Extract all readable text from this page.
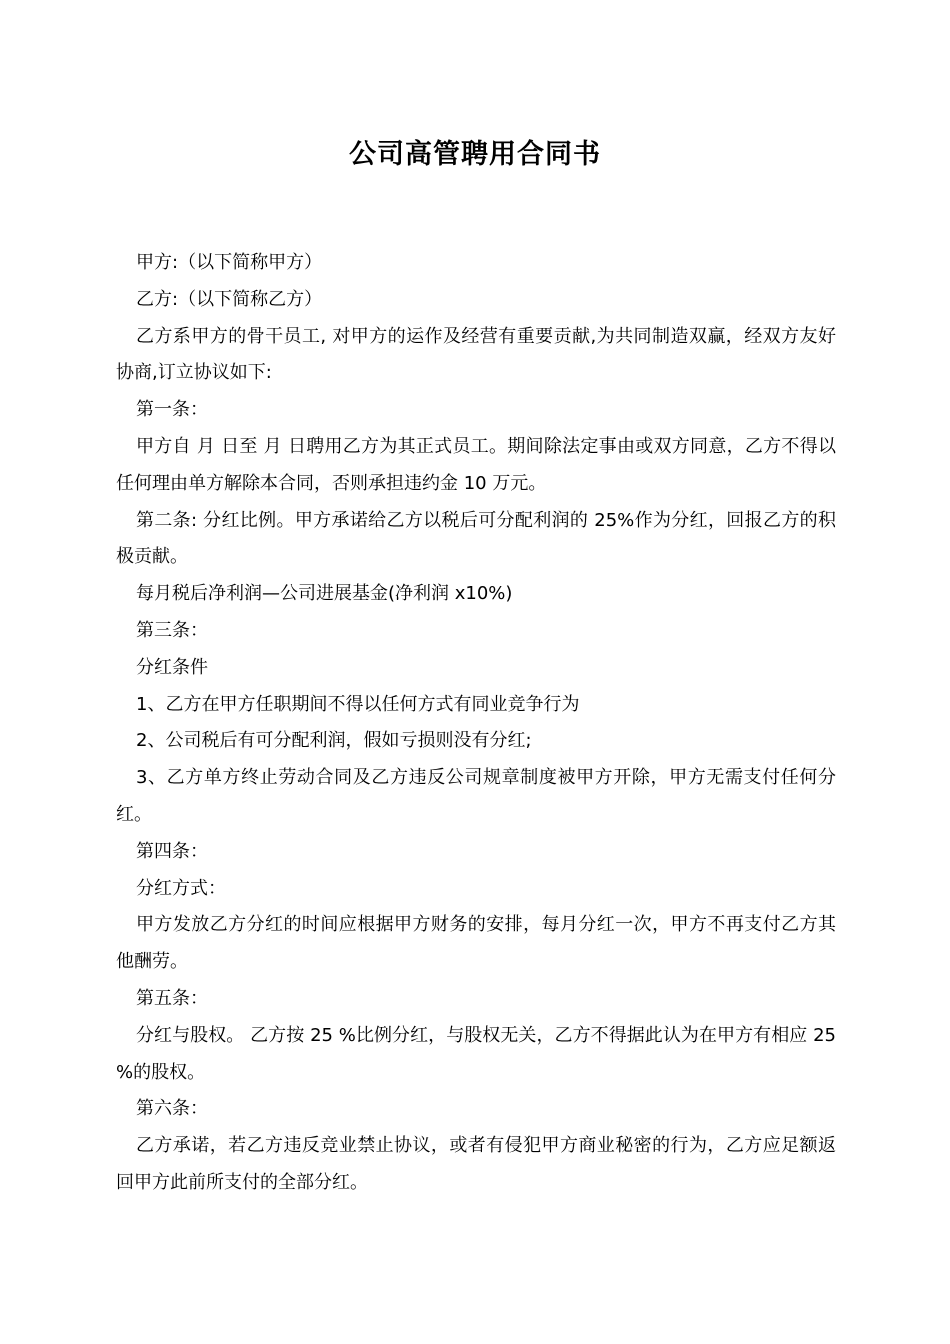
公司高管聘用合同书

甲方:（以下简称甲方）

乙方:（以下简称乙方）

乙方系甲方的骨干员工, 对甲方的运作及经营有重要贡献,为共同制造双赢，经双方友好协商,订立协议如下:

第一条：

甲方自 月 日至 月 日聘用乙方为其正式员工。期间除法定事由或双方同意，乙方不得以任何理由单方解除本合同，否则承担违约金 10 万元。

第二条: 分红比例。甲方承诺给乙方以税后可分配利润的 25%作为分红，回报乙方的积极贡献。

每月税后净利润—公司进展基金(净利润 x10%)

第三条：

分红条件

1、乙方在甲方任职期间不得以任何方式有同业竞争行为

2、公司税后有可分配利润，假如亏损则没有分红;

3、乙方单方终止劳动合同及乙方违反公司规章制度被甲方开除，甲方无需支付任何分红。

第四条：

分红方式：

甲方发放乙方分红的时间应根据甲方财务的安排，每月分红一次，甲方不再支付乙方其他酬劳。

第五条：

分红与股权。 乙方按 25 %比例分红，与股权无关，乙方不得据此认为在甲方有相应 25 %的股权。

第六条：

乙方承诺，若乙方违反竞业禁止协议，或者有侵犯甲方商业秘密的行为，乙方应足额返回甲方此前所支付的全部分红。
